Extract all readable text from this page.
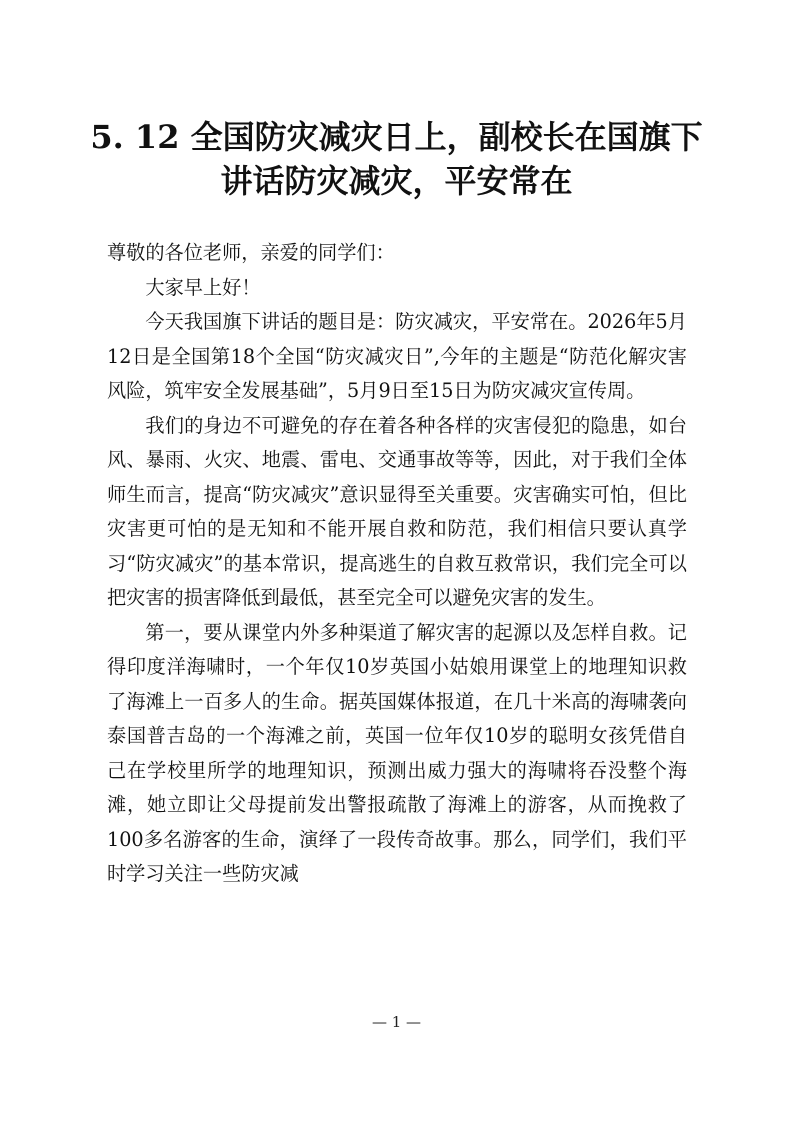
5. 12 全国防灾减灾日上，副校长在国旗下
讲话防灾减灾，平安常在

尊敬的各位老师，亲爱的同学们：

大家早上好！

今天我国旗下讲话的题目是：防灾减灾，平安常在。2026年5月12日是全国第18个全国“防灾减灾日”,今年的主题是“防范化解灾害风险，筑牢安全发展基础”，5月9日至15日为防灾减灾宣传周。

我们的身边不可避免的存在着各种各样的灾害侵犯的隐患，如台风、暴雨、火灾、地震、雷电、交通事故等等，因此，对于我们全体师生而言，提高“防灾减灾”意识显得至关重要。灾害确实可怕，但比灾害更可怕的是无知和不能开展自救和防范，我们相信只要认真学习“防灾减灾”的基本常识，提高逃生的自救互救常识，我们完全可以把灾害的损害降低到最低，甚至完全可以避免灾害的发生。

第一，要从课堂内外多种渠道了解灾害的起源以及怎样自救。记得印度洋海啸时，一个年仅10岁英国小姑娘用课堂上的地理知识救了海滩上一百多人的生命。据英国媒体报道，在几十米高的海啸袭向泰国普吉岛的一个海滩之前，英国一位年仅10岁的聪明女孩凭借自己在学校里所学的地理知识，预测出威力强大的海啸将吞没整个海滩，她立即让父母提前发出警报疏散了海滩上的游客，从而挽救了100多名游客的生命，演绎了一段传奇故事。那么，同学们，我们平时学习关注一些防灾减

— 1 —
